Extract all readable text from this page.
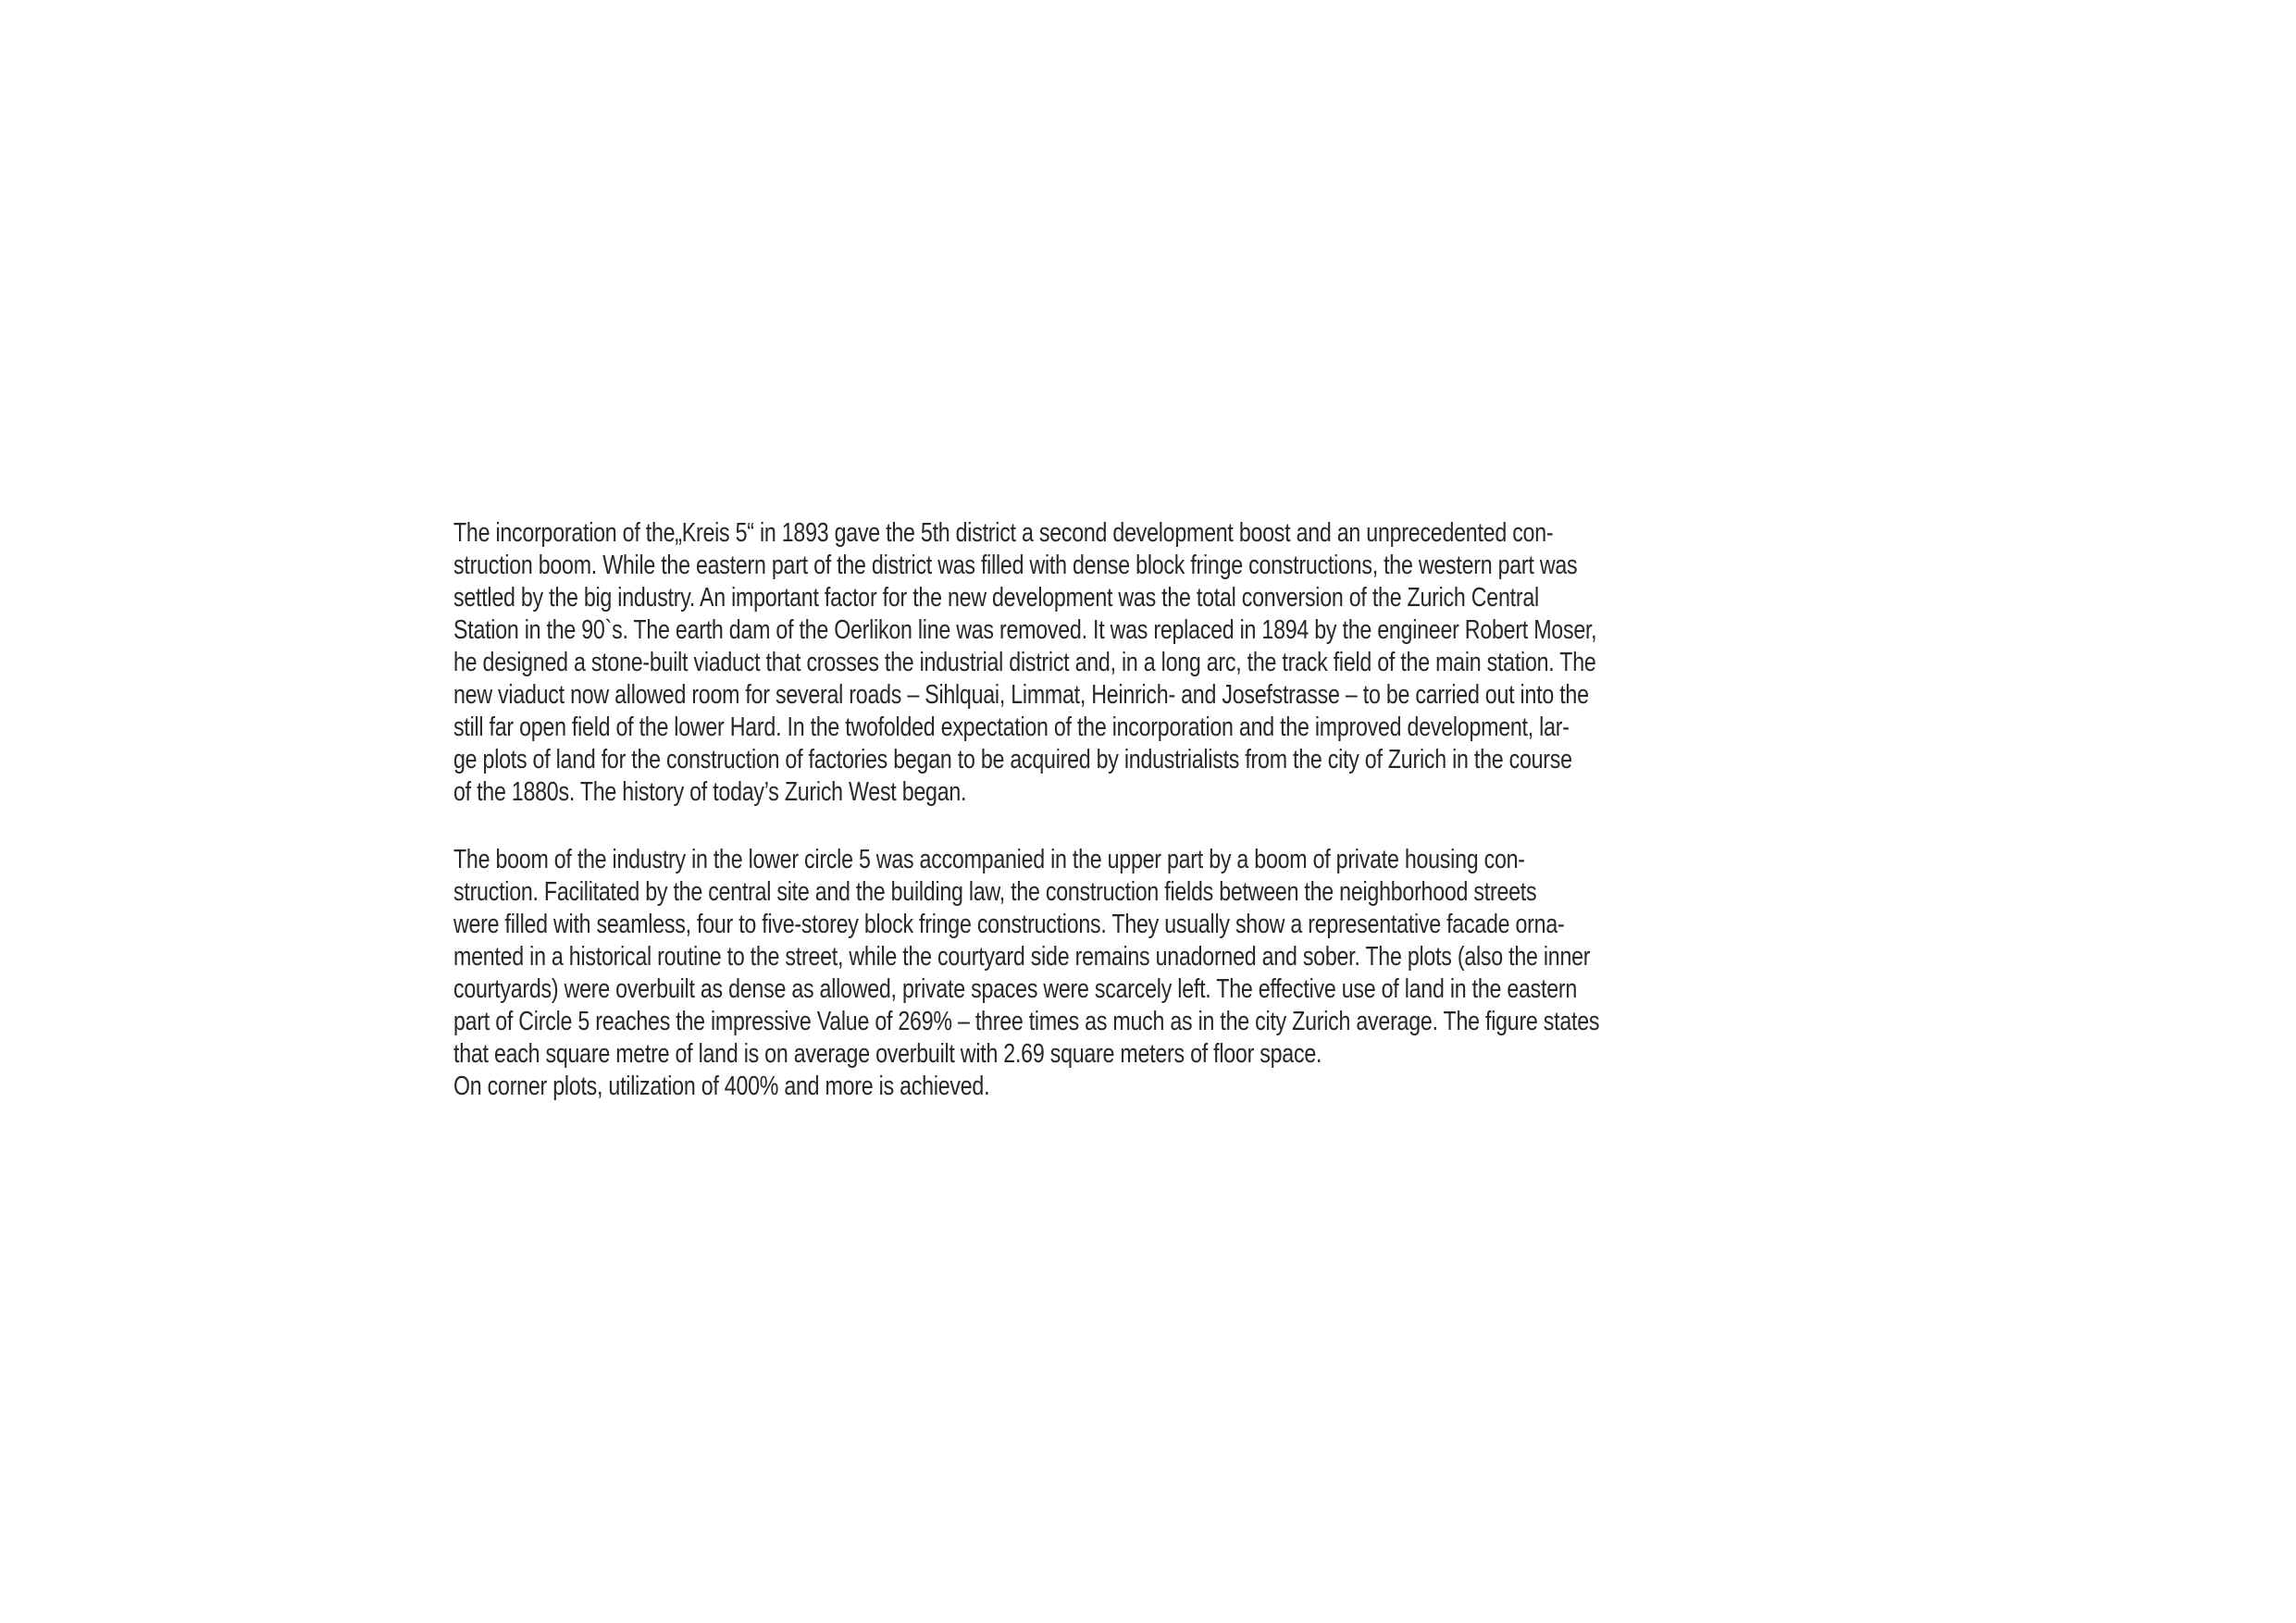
The incorporation of the„Kreis 5“ in 1893 gave the 5th district a second development boost and an unprecedented con-
struction boom. While the eastern part of the district was filled with dense block fringe constructions, the western part was
settled by the big industry. An important factor for the new development was the total conversion of the Zurich Central
Station in the 90`s. The earth dam of the Oerlikon line was removed. It was replaced in 1894 by the engineer Robert Moser,
he designed a stone-built viaduct that crosses the industrial district and, in a long arc, the track field of the main station. The
new viaduct now allowed room for several roads – Sihlquai, Limmat, Heinrich- and Josefstrasse – to be carried out into the
still far open field of the lower Hard. In the twofolded expectation of the incorporation and the improved development, lar-
ge plots of land for the construction of factories began to be acquired by industrialists from the city of Zurich in the course
of the 1880s. The history of today’s Zurich West began.
The boom of the industry in the lower circle 5 was accompanied in the upper part by a boom of private housing con-
struction. Facilitated by the central site and the building law, the construction fields between the neighborhood streets
were filled with seamless, four to five-storey block fringe constructions. They usually show a representative facade orna-
mented in a historical routine to the street, while the courtyard side remains unadorned and sober. The plots (also the inner
courtyards) were overbuilt as dense as allowed, private spaces were scarcely left. The effective use of land in the eastern
part of Circle 5 reaches the impressive Value of 269% – three times as much as in the city Zurich average. The figure states
that each square metre of land is on average overbuilt with 2.69 square meters of floor space.
On corner plots, utilization of 400% and more is achieved.
